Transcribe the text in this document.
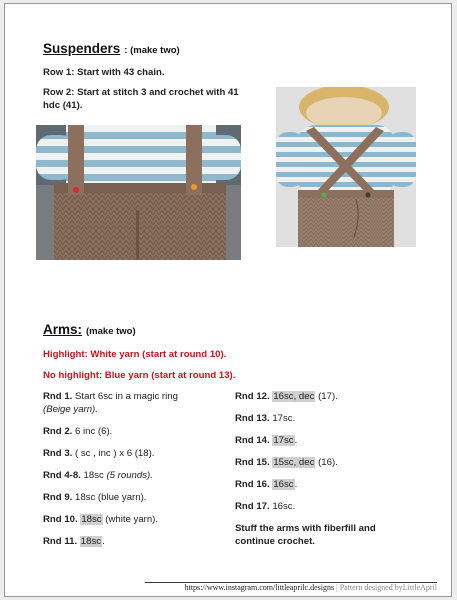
Suspenders : (make two)
Row 1: Start with 43 chain.
Row 2: Start at stitch 3 and crochet with 41
hdc (41).
Arms: (make two)
Highlight: White yarn (start at round 10).
No highlight: Blue yarn (start at round 13).
Rnd 1. Start 6sc in a magic ring
(Beige yarn).
Rnd 2. 6 inc (6).
Rnd 3. ( sc , inc ) x 6 (18).
Rnd 4-8. 18sc (5 rounds).
Rnd 9. 18sc (blue yarn).
Rnd 10. 18sc (white yarn).
Rnd 11. 18sc.
Rnd 12. 16sc, dec (17).
Rnd 13. 17sc.
Rnd 14. 17sc.
Rnd 15. 15sc, dec (16).
Rnd 16. 16sc.
Rnd 17. 16sc.
Stuff the arms with fiberfill and
continue crochet.
https://www.instagram.com/littleaprilc.designs | Pattern designed byLittleApril
